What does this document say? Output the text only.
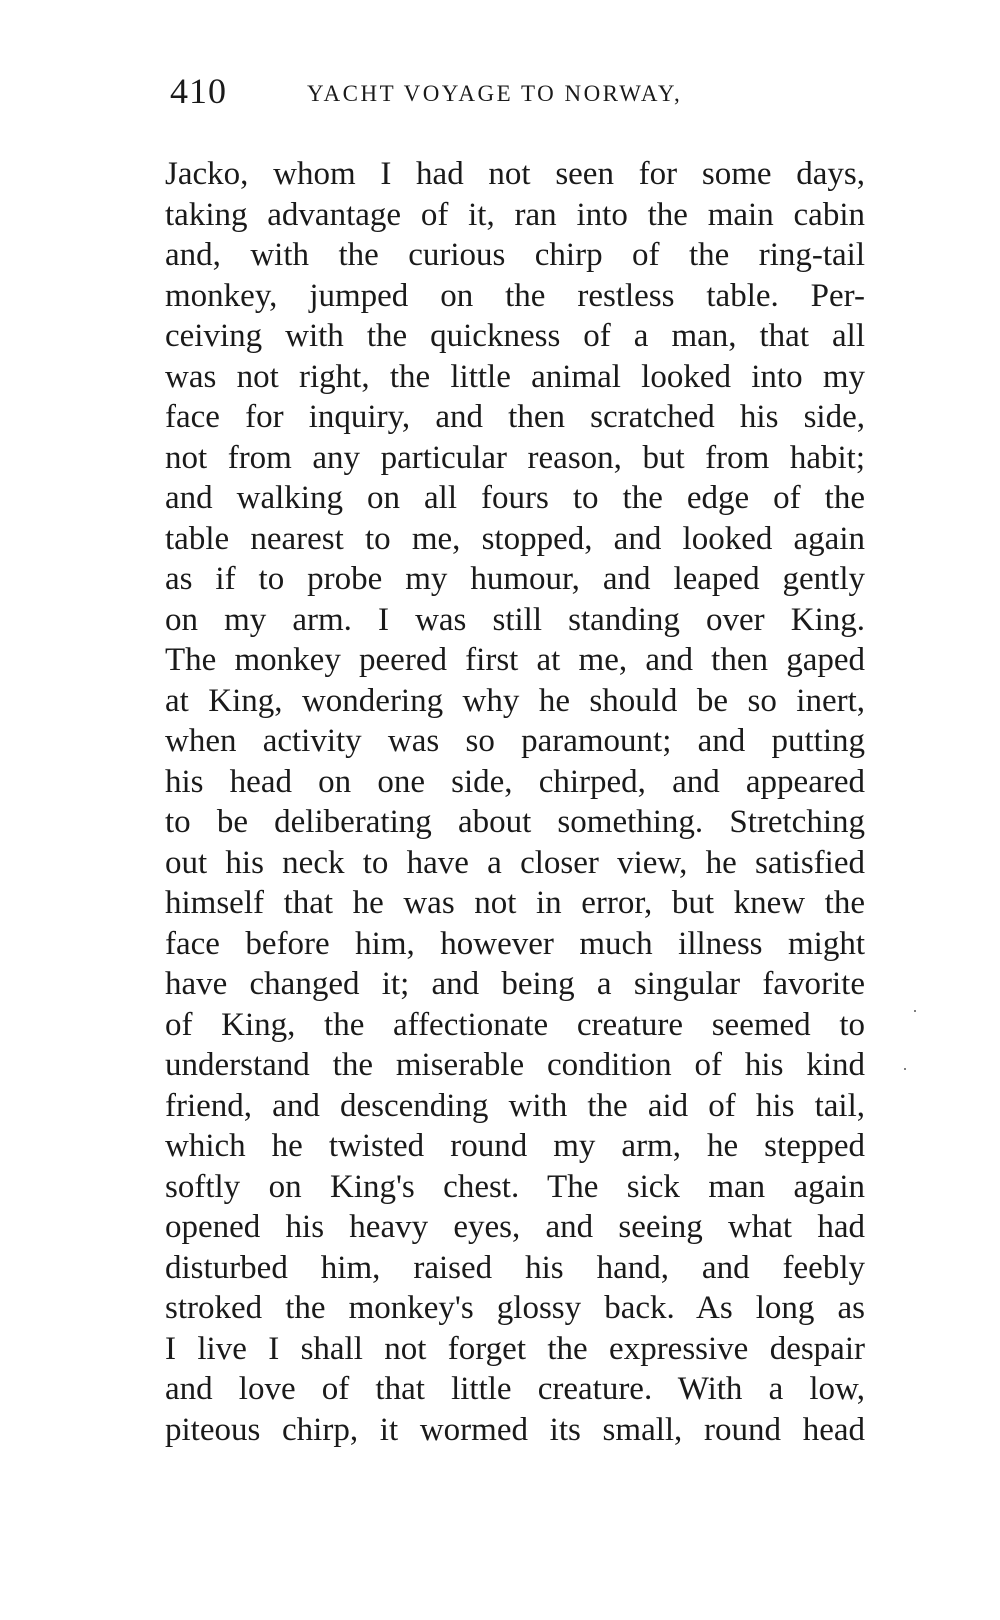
410	YACHT VOYAGE TO NORWAY,
Jacko, whom I had not seen for some days,
taking advantage of it, ran into the main cabin
and, with the curious chirp of the ring-tail
monkey, jumped on the restless table. Per-
ceiving with the quickness of a man, that all
was not right, the little animal looked into my
face for inquiry, and then scratched his side,
not from any particular reason, but from habit;
and walking on all fours to the edge of the
table nearest to me, stopped, and looked again
as if to probe my humour, and leaped gently
on my arm. I was still standing over King.
The monkey peered first at me, and then gaped
at King, wondering why he should be so inert,
when activity was so paramount; and putting
his head on one side, chirped, and appeared
to be deliberating about something. Stretching
out his neck to have a closer view, he satisfied
himself that he was not in error, but knew the
face before him, however much illness might
have changed it; and being a singular favorite
of King, the affectionate creature seemed to
understand the miserable condition of his kind
friend, and descending with the aid of his tail,
which he twisted round my arm, he stepped
softly on King's chest. The sick man again
opened his heavy eyes, and seeing what had
disturbed him, raised his hand, and feebly
stroked the monkey's glossy back. As long as
I live I shall not forget the expressive despair
and love of that little creature. With a low,
piteous chirp, it wormed its small, round head
